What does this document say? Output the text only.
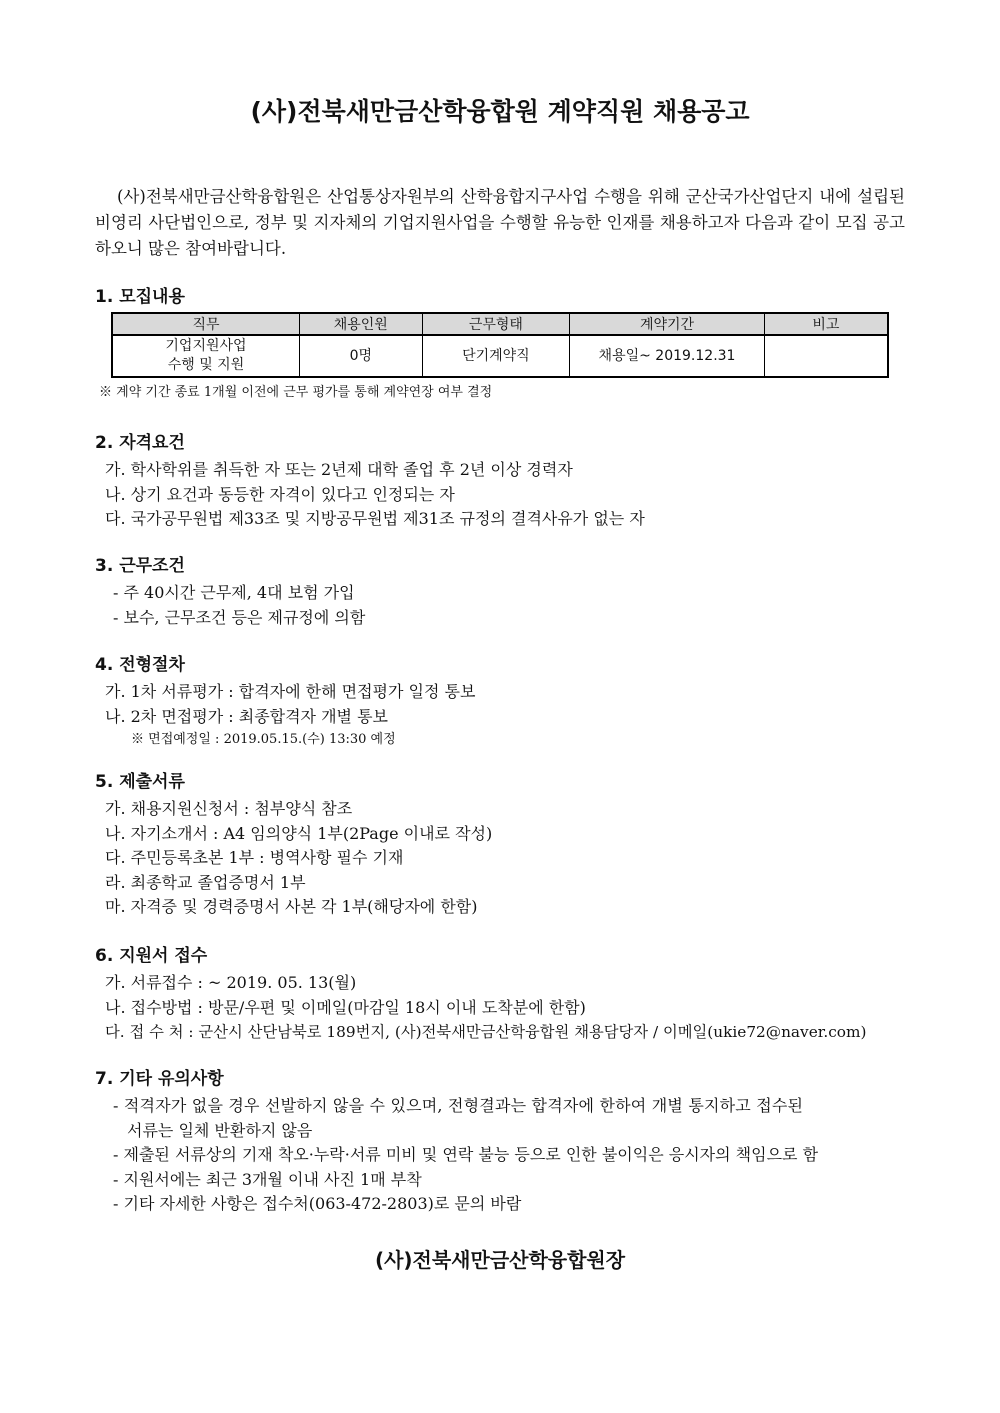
(사)전북새만금산학융합원 계약직원 채용공고

(사)전북새만금산학융합원은 산업통상자원부의 산학융합지구사업 수행을 위해 군산국가산업단지 내에 설립된 비영리 사단법인으로, 정부 및 지자체의 기업지원사업을 수행할 유능한 인재를 채용하고자 다음과 같이 모집 공고하오니 많은 참여바랍니다.

1. 모집내용
직무	채용인원	근무형태	계약기간	비고

기업지원사업
수행 및 지원	0명	단기계약직	채용일~ 2019.12.31	
※ 계약 기간 종료 1개월 이전에 근무 평가를 통해 계약연장 여부 결정
2. 자격요건
가. 학사학위를 취득한 자 또는 2년제 대학 졸업 후 2년 이상 경력자
나. 상기 요건과 동등한 자격이 있다고 인정되는 자
다. 국가공무원법 제33조 및 지방공무원법 제31조 규정의 결격사유가 없는 자
3. 근무조건
- 주 40시간 근무제, 4대 보험 가입
- 보수, 근무조건 등은 제규정에 의함
4. 전형절차
가. 1차 서류평가 : 합격자에 한해 면접평가 일정 통보
나. 2차 면접평가 : 최종합격자 개별 통보
※ 면접예정일 : 2019.05.15.(수) 13:30 예정
5. 제출서류
가. 채용지원신청서 : 첨부양식 참조
나. 자기소개서 : A4 임의양식 1부(2Page 이내로 작성)
다. 주민등록초본 1부 : 병역사항 필수 기재
라. 최종학교 졸업증명서 1부
마. 자격증 및 경력증명서 사본 각 1부(해당자에 한함)
6. 지원서 접수
가. 서류접수 : ~ 2019. 05. 13(월)
나. 접수방법 : 방문/우편 및 이메일(마감일 18시 이내 도착분에 한함)
다. 접 수 처 : 군산시 산단남북로 189번지, (사)전북새만금산학융합원 채용담당자 / 이메일(ukie72@naver.com)
7. 기타 유의사항
- 적격자가 없을 경우 선발하지 않을 수 있으며, 전형결과는 합격자에 한하여 개별 통지하고 접수된
서류는 일체 반환하지 않음
- 제출된 서류상의 기재 착오·누락·서류 미비 및 연락 불능 등으로 인한 불이익은 응시자의 책임으로 함
- 지원서에는 최근 3개월 이내 사진 1매 부착
- 기타 자세한 사항은 접수처(063-472-2803)로 문의 바람
(사)전북새만금산학융합원장
